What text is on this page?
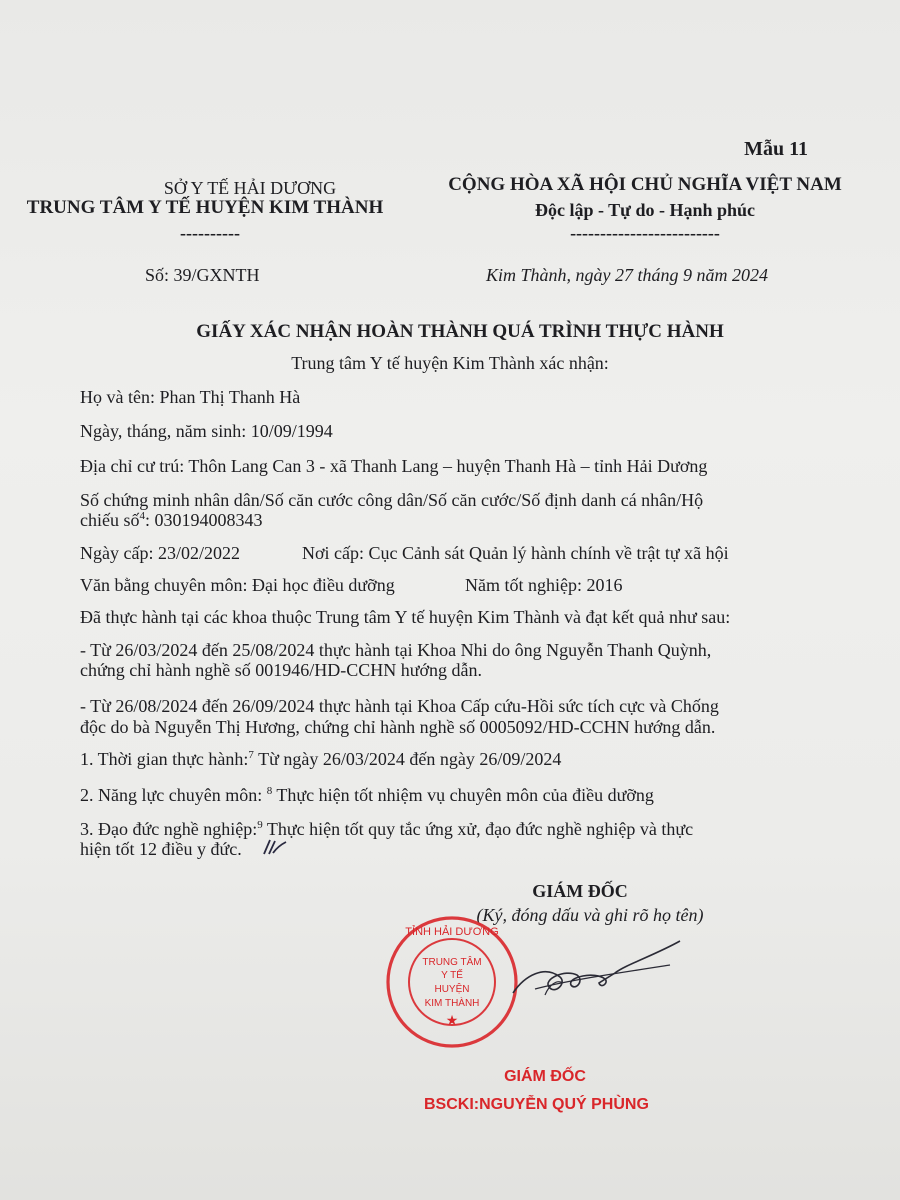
Mẫu 11
SỞ Y TẾ HẢI DƯƠNG
TRUNG TÂM Y TẾ HUYỆN KIM THÀNH
----------
CỘNG HÒA XÃ HỘI CHỦ NGHĨA VIỆT NAM
Độc lập - Tự do - Hạnh phúc
-------------------------
Số: 39/GXNTH	Kim Thành, ngày 27 tháng 9 năm 2024
GIẤY XÁC NHẬN HOÀN THÀNH QUÁ TRÌNH THỰC HÀNH
Trung tâm Y tế huyện Kim Thành xác nhận:
Họ và tên: Phan Thị Thanh Hà
Ngày, tháng, năm sinh: 10/09/1994
Địa chỉ cư trú: Thôn Lang Can 3 - xã Thanh Lang – huyện Thanh Hà – tỉnh Hải Dương
Số chứng minh nhân dân/Số căn cước công dân/Số căn cước/Số định danh cá nhân/Hộ
chiếu số$^4$: 030194008343
Ngày cấp: 23/02/2022	Nơi cấp: Cục Cảnh sát Quản lý hành chính về trật tự xã hội
Văn bằng chuyên môn: Đại học điều dưỡng	Năm tốt nghiệp: 2016
Đã thực hành tại các khoa thuộc Trung tâm Y tế huyện Kim Thành và đạt kết quả như sau:
- Từ 26/03/2024 đến 25/08/2024 thực hành tại Khoa Nhi do ông Nguyễn Thanh Quỳnh,
chứng chỉ hành nghề số 001946/HD-CCHN hướng dẫn.
- Từ 26/08/2024 đến 26/09/2024 thực hành tại Khoa Cấp cứu-Hồi sức tích cực và Chống
độc do bà Nguyễn Thị Hương, chứng chỉ hành nghề số 0005092/HD-CCHN hướng dẫn.
1. Thời gian thực hành:$^7$ Từ ngày 26/03/2024 đến ngày 26/09/2024
2. Năng lực chuyên môn: $^8$ Thực hiện tốt nhiệm vụ chuyên môn của điều dưỡng
3. Đạo đức nghề nghiệp:$^9$ Thực hiện tốt quy tắc ứng xử, đạo đức nghề nghiệp và thực
hiện tốt 12 điều y đức.
GIÁM ĐỐC
(Ký, đóng dấu và ghi rõ họ tên)
TỈNH HẢI DƯƠNG
TRUNG TÂM
Y TẾ
HUYỆN
KIM THÀNH
★
GIÁM ĐỐC
BSCKI:NGUYỄN QUÝ PHÙNG
